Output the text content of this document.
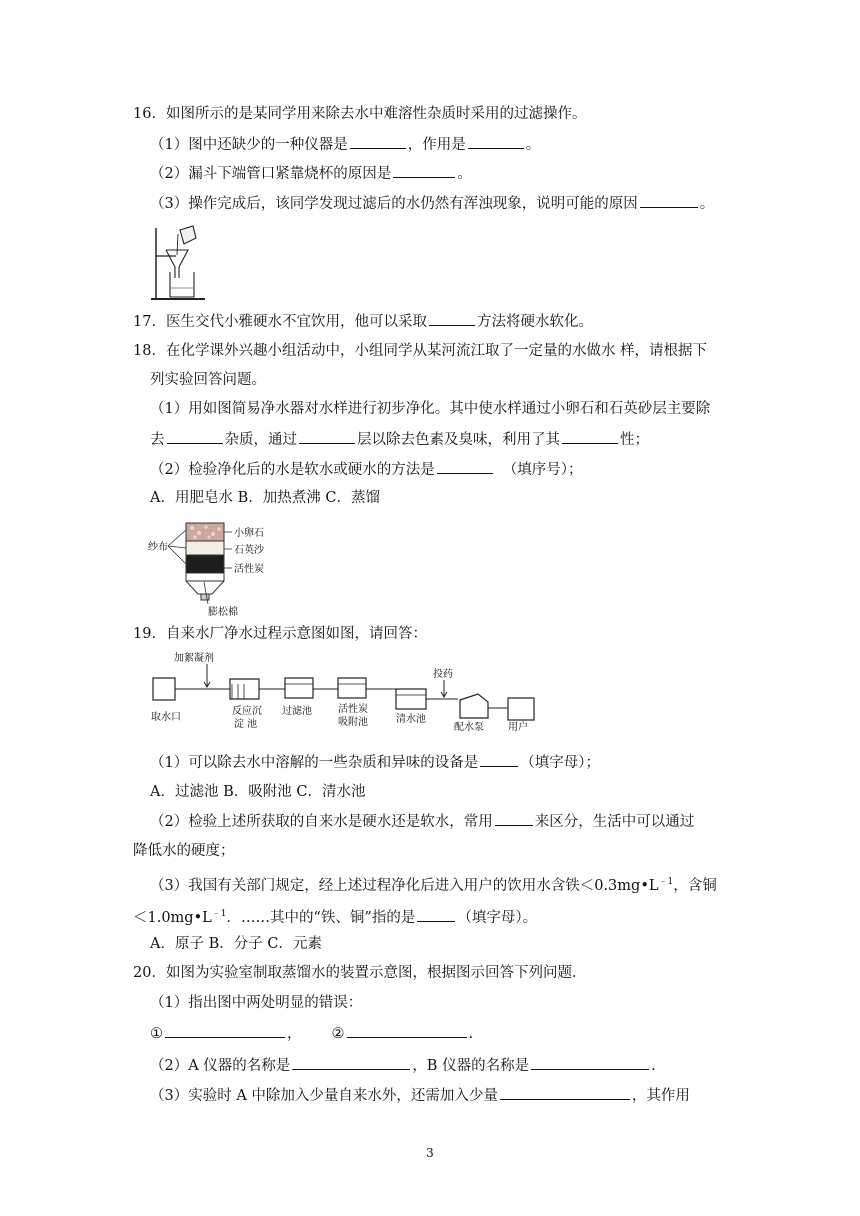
16．如图所示的是某同学用来除去水中难溶性杂质时采用的过滤操作。
（1）图中还缺少的一种仪器是	，作用是	。
（2）漏斗下端管口紧靠烧杯的原因是	。
（3）操作完成后，该同学发现过滤后的水仍然有浑浊现象，说明可能的原因	。
17．医生交代小雅硬水不宜饮用，他可以采取	方法将硬水软化。
18．在化学课外兴趣小组活动中，小组同学从某河流江取了一定量的水做水 样，请根据下
列实验回答问题。
（1）用如图简易净水器对水样进行初步净化。其中使水样通过小卵石和石英砂层主要除
去	杂质，通过	层以除去色素及臭味，利用了其	性；
（2）检验净化后的水是软水或硬水的方法是	（填序号）；
A．用肥皂水 B．加热煮沸 C．蒸馏
纱布
小卵石
石英沙
活性炭
膨松棉
19．自来水厂净水过程示意图如图，请回答：
加絮凝剂
投药
取水口
反应沉
淀 池
过滤池	活性炭
吸附池	清水池
配水泵 用户
（1）可以除去水中溶解的一些杂质和异味的设备是	（填字母）；
A．过滤池 B．吸附池 C．清水池
（2）检验上述所获取的自来水是硬水还是软水，常用	来区分，生活中可以通过
降低水的硬度；
（3）我国有关部门规定，经上述过程净化后进入用户的饮用水含铁$<0.3mg•L^{﹣1}$，含铜
$<1.0mg•L^{﹣1}$．……其中的“铁、铜”指的是	（填字母）。
A．原子 B．分子 C．元素
20．如图为实验室制取蒸馏水的装置示意图，根据图示回答下列问题．
（1）指出图中两处明显的错误：
①	， ②	.
（2）A 仪器的名称是	，B 仪器的名称是	.
（3）实验时 A 中除加入少量自来水外，还需加入少量	，其作用
3
